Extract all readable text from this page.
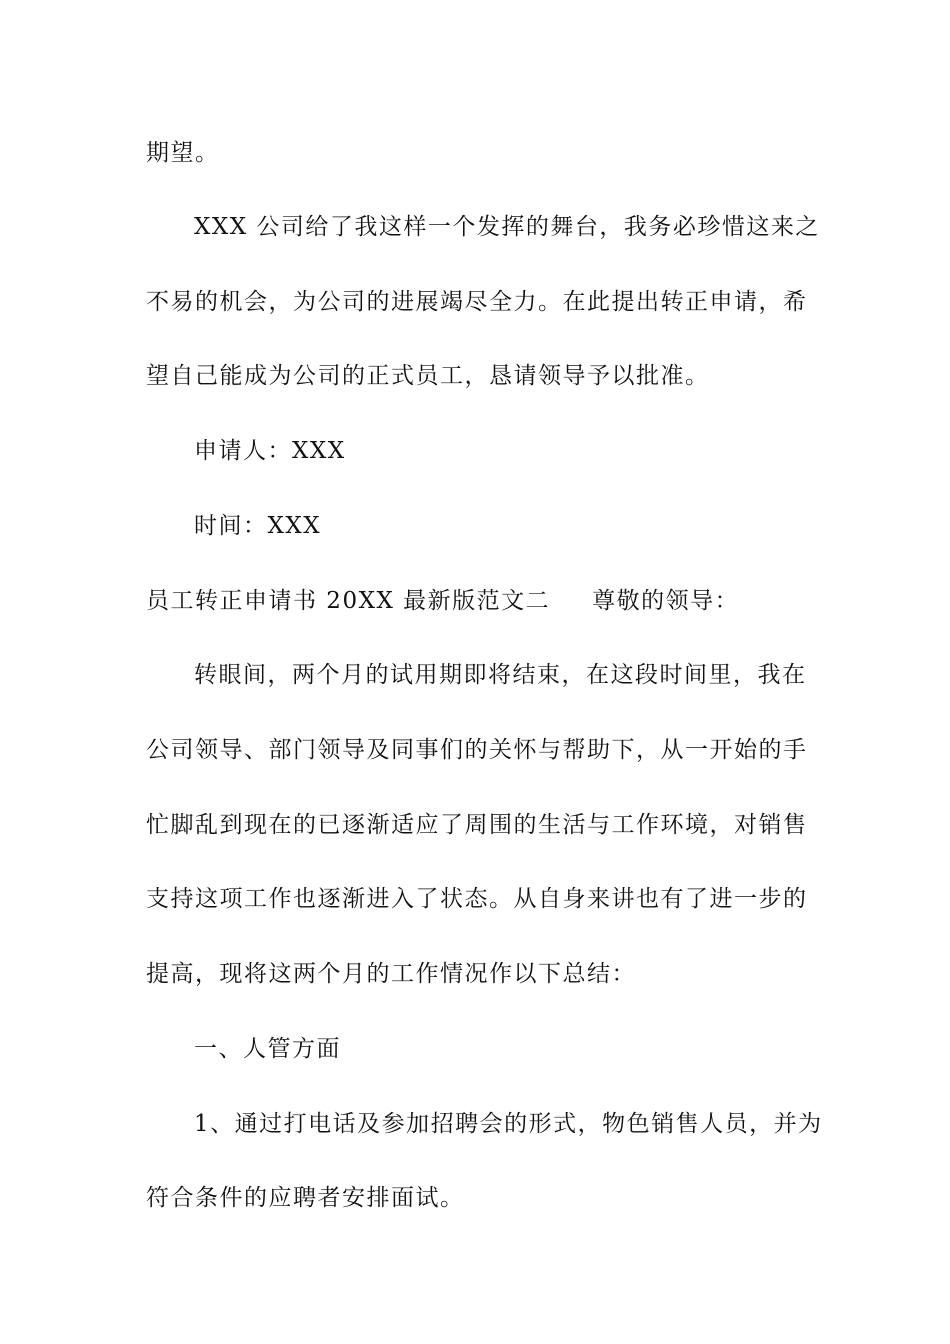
期望。
XXX 公司给了我这样一个发挥的舞台，我务必珍惜这来之
不易的机会，为公司的进展竭尽全力。在此提出转正申请，希
望自己能成为公司的正式员工，恳请领导予以批准。
申请人：XXX
时间：XXX
员工转正申请书 20XX 最新版范文二 尊敬的领导：
转眼间，两个月的试用期即将结束，在这段时间里，我在
公司领导、部门领导及同事们的关怀与帮助下，从一开始的手
忙脚乱到现在的已逐渐适应了周围的生活与工作环境，对销售
支持这项工作也逐渐进入了状态。从自身来讲也有了进一步的
提高，现将这两个月的工作情况作以下总结：
一、人管方面
1、通过打电话及参加招聘会的形式，物色销售人员，并为
符合条件的应聘者安排面试。
